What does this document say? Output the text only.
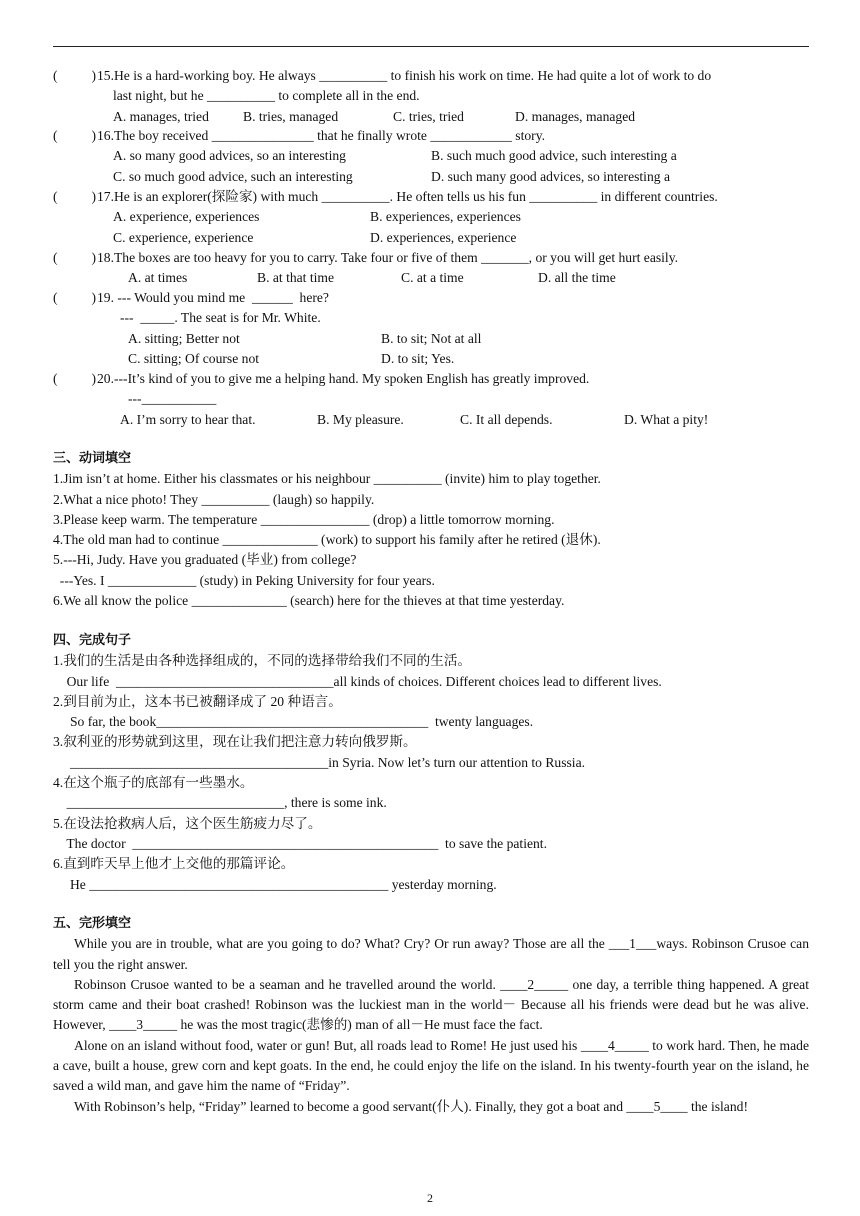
(          )15.He is a hard-working boy. He always __________ to finish his work on time. He had quite a lot of work to do
last night, but he __________ to complete all in the end.
A. manages, tried	B. tries, managed	C. tries, tried	D. manages, managed
(          )16.The boy received _______________ that he finally wrote ____________ story.
A. so many good advices, so an interesting	B. such much good advice, such interesting a
C. so much good advice, such an interesting	D. such many good advices, so interesting a
(          )17.He is an explorer(探险家) with much __________. He often tells us his fun __________ in different countries.
A. experience, experiences	B. experiences, experiences
C. experience, experience	D. experiences, experience
(          )18.The boxes are too heavy for you to carry. Take four or five of them _______, or you will get hurt easily.
A. at times	B. at that time	C. at a time	D. all the time
(          )19. --- Would you mind me  ______  here?
---  _____. The seat is for Mr. White.
A. sitting; Better not	B. to sit; Not at all
C. sitting; Of course not	D. to sit; Yes.
(          )20.---It’s kind of you to give me a helping hand. My spoken English has greatly improved.
---___________
A. I’m sorry to hear that.	B. My pleasure.	C. It all depends.	D. What a pity!
三、动词填空
1.Jim isn’t at home. Either his classmates or his neighbour __________ (invite) him to play together.
2.What a nice photo! They __________ (laugh) so happily.
3.Please keep warm. The temperature ________________ (drop) a little tomorrow morning.
4.The old man had to continue ______________ (work) to support his family after he retired (退休).
5.---Hi, Judy. Have you graduated (毕业) from college?
---Yes. I _____________ (study) in Peking University for four years.
6.We all know the police ______________ (search) here for the thieves at that time yesterday.
四、完成句子
1.我们的生活是由各种选择组成的，不同的选择带给我们不同的生活。
Our life  ________________________________all kinds of choices. Different choices lead to different lives.
2.到目前为止，这本书已被翻译成了 20 种语言。
So far, the book________________________________________  twenty languages.
3.叙利亚的形势就到这里，现在让我们把注意力转向俄罗斯。
______________________________________in Syria. Now let’s turn our attention to Russia.
4.在这个瓶子的底部有一些墨水。
________________________________, there is some ink.
5.在设法抢救病人后，这个医生筋疲力尽了。
The doctor  _____________________________________________  to save the patient.
6.直到昨天早上他才上交他的那篇评论。
He ____________________________________________ yesterday morning.
五、完形填空
While you are in trouble, what are you going to do? What? Cry? Or run away? Those are all the ___1___ways. Robinson Crusoe can tell you the right answer.
Robinson Crusoe wanted to be a seaman and he travelled around the world. ____2_____ one day, a terrible thing happened. A great storm came and their boat crashed! Robinson was the luckiest man in the world－ Because all his friends were dead but he was alive. However, ____3_____ he was the most tragic(悲惨的) man of all－He must face the fact.
Alone on an island without food, water or gun! But, all roads lead to Rome! He just used his ____4_____ to work hard. Then, he made a cave, built a house, grew corn and kept goats. In the end, he could enjoy the life on the island. In his twenty-fourth year on the island, he saved a wild man, and gave him the name of “Friday”.
With Robinson’s help, “Friday” learned to become a good servant(仆人). Finally, they got a boat and ____5____ the island!
2
